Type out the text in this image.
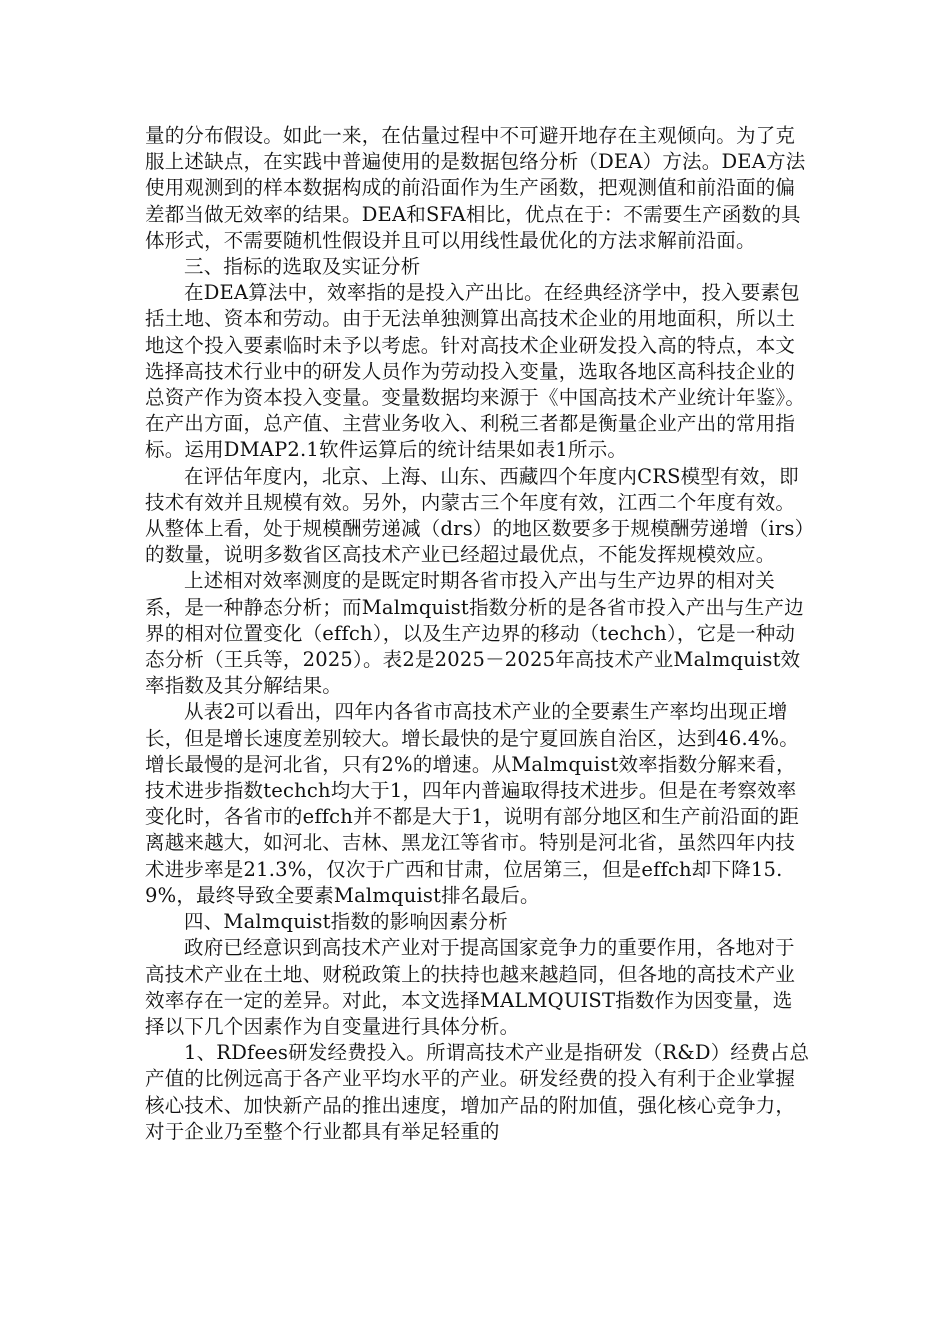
量的分布假设。如此一来，在估量过程中不可避开地存在主观倾向。为了克服上述缺点，在实践中普遍使用的是数据包络分析（DEA）方法。DEA方法使用观测到的样本数据构成的前沿面作为生产函数，把观测值和前沿面的偏差都当做无效率的结果。DEA和SFA相比，优点在于：不需要生产函数的具体形式，不需要随机性假设并且可以用线性最优化的方法求解前沿面。

三、指标的选取及实证分析

在DEA算法中，效率指的是投入产出比。在经典经济学中，投入要素包括土地、资本和劳动。由于无法单独测算出高技术企业的用地面积，所以土地这个投入要素临时未予以考虑。针对高技术企业研发投入高的特点，本文选择高技术行业中的研发人员作为劳动投入变量，选取各地区高科技企业的总资产作为资本投入变量。变量数据均来源于《中国高技术产业统计年鉴》。在产出方面，总产值、主营业务收入、利税三者都是衡量企业产出的常用指标。运用DMAP2.1软件运算后的统计结果如表1所示。

在评估年度内，北京、上海、山东、西藏四个年度内CRS模型有效，即技术有效并且规模有效。另外，内蒙古三个年度有效，江西二个年度有效。从整体上看，处于规模酬劳递减（drs）的地区数要多于规模酬劳递增（irs）的数量，说明多数省区高技术产业已经超过最优点，不能发挥规模效应。

上述相对效率测度的是既定时期各省市投入产出与生产边界的相对关系，是一种静态分析；而Malmquist指数分析的是各省市投入产出与生产边界的相对位置变化（effch），以及生产边界的移动（techch），它是一种动态分析（王兵等，2025）。表2是2025－2025年高技术产业Malmquist效率指数及其分解结果。

从表2可以看出，四年内各省市高技术产业的全要素生产率均出现正增长，但是增长速度差别较大。增长最快的是宁夏回族自治区，达到46.4%。增长最慢的是河北省，只有2%的增速。从Malmquist效率指数分解来看，技术进步指数techch均大于1，四年内普遍取得技术进步。但是在考察效率变化时，各省市的effch并不都是大于1，说明有部分地区和生产前沿面的距离越来越大，如河北、吉林、黑龙江等省市。特别是河北省，虽然四年内技术进步率是21.3%，仅次于广西和甘肃，位居第三，但是effch却下降15.9%，最终导致全要素Malmquist排名最后。

四、Malmquist指数的影响因素分析

政府已经意识到高技术产业对于提高国家竞争力的重要作用，各地对于高技术产业在土地、财税政策上的扶持也越来越趋同，但各地的高技术产业效率存在一定的差异。对此，本文选择MALMQUIST指数作为因变量，选择以下几个因素作为自变量进行具体分析。

1、RDfees研发经费投入。所谓高技术产业是指研发（R&D）经费占总产值的比例远高于各产业平均水平的产业。研发经费的投入有利于企业掌握核心技术、加快新产品的推出速度，增加产品的附加值，强化核心竞争力，对于企业乃至整个行业都具有举足轻重的
